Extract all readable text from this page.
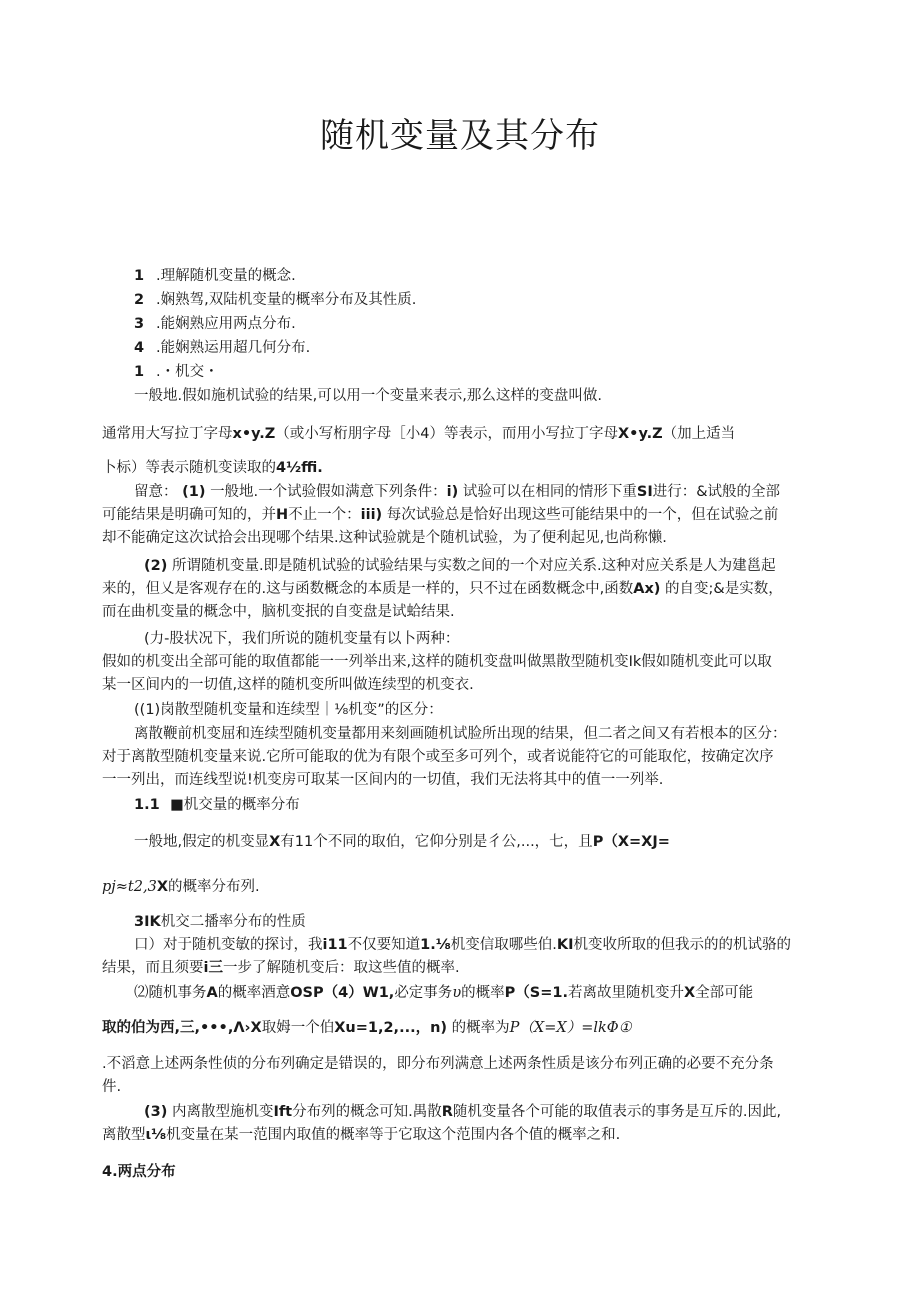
随机变量及其分布
1 .理解随机变量的概念.
2 .娴熟驾,双陆机变量的概率分布及其性质.
3 .能娴熟应用两点分布.
4 .能娴熟运用超几何分布.
1 .・机交・
一般地.假如施机试验的结果,可以用一个变量来表示,那么这样的变盘叫做.
通常用大写拉丁字母x•y.Z（或小写桁朋字母［小4）等表示，而用小写拉丁字母X•y.Z（加上适当
卜标）等表示随机变读取的4½ffi.
留意： (1) 一般地.一个试验假如满意下列条件：i) 试验可以在相同的情形下重SI进行：&试般的全部
可能结果是明确可知的，并H不止一个：iii) 每次试验总是恰好出现这些可能结果中的一个，但在试验之前
却不能确定这次试拾会出现哪个结果.这种试验就是个随机试验，为了便利起见,也尚称懒.
(2) 所谓随机变量.即是随机试验的试验结果与实数之间的一个对应关系.这种对应关系是人为建邕起
来的，但乂是客观存在的.这与函数概念的本质是一样的，只不过在函数概念中,函数Ax) 的自变;&是实数，
而在曲机变量的概念中，脑机变抿的自变盘是试蛤结果.
(力-股状况下，我们所说的随机变量有以卜两种：
假如的机变出全部可能的取值都能一一列举出来,这样的随机变盘叫做黑散型随机变Ik假如随机变此可以取
某一区间内的一切值,这样的随机变所叫做连续型的机变衣.
((1)岗散型随机变量和连续型｜⅛机变”的区分：
离散鞭前机变屈和连续型随机变量都用来刻画随机试脸所出现的结果，但二者之间又有若根本的区分：
对于离散型随机变量来说.它所可能取的优为有限个或至多可列个，或者说能符它的可能取佗，按确定次序
一一列出，而连线型说!机变房可取某一区间内的一切值，我们无法将其中的值一一列举.
1.1 ■机交量的概率分布
一般地,假定的机变显X有11个不同的取伯，它仰分别是彳公,...，七，且P（X=XJ=
pj≈t2,3X的概率分布列.
3IK机交二播率分布的性质
口）对于随机变敏的探讨，我i11不仅要知道1.⅛机变信取哪些伯.KI机变收所取的但我示的的机试骆的
结果，而且须要i三一步了解随机变后：取这些值的概率.
⑵随机事务A的概率酒意OSP（4）W1,必定事务υ的概率P（S=1.若离故里随机变升X全部可能
取的伯为西,三,•••,Λ›X取姆一个伯Xu=1,2,...，n) 的概率为P（X=X）=lkΦ①
.不滔意上述两条性侦的分布列确定是错误的，即分布列满意上述两条性质是该分布列正确的必要不充分条
件.
(3) 内离散型施机变Ift分布列的概念可知.禺散R随机变量各个可能的取值表示的事务是互斥的.因此,
离散型ι⅛机变量在某一范围内取值的概率等于它取这个范围内各个值的概率之和.
4.两点分布
